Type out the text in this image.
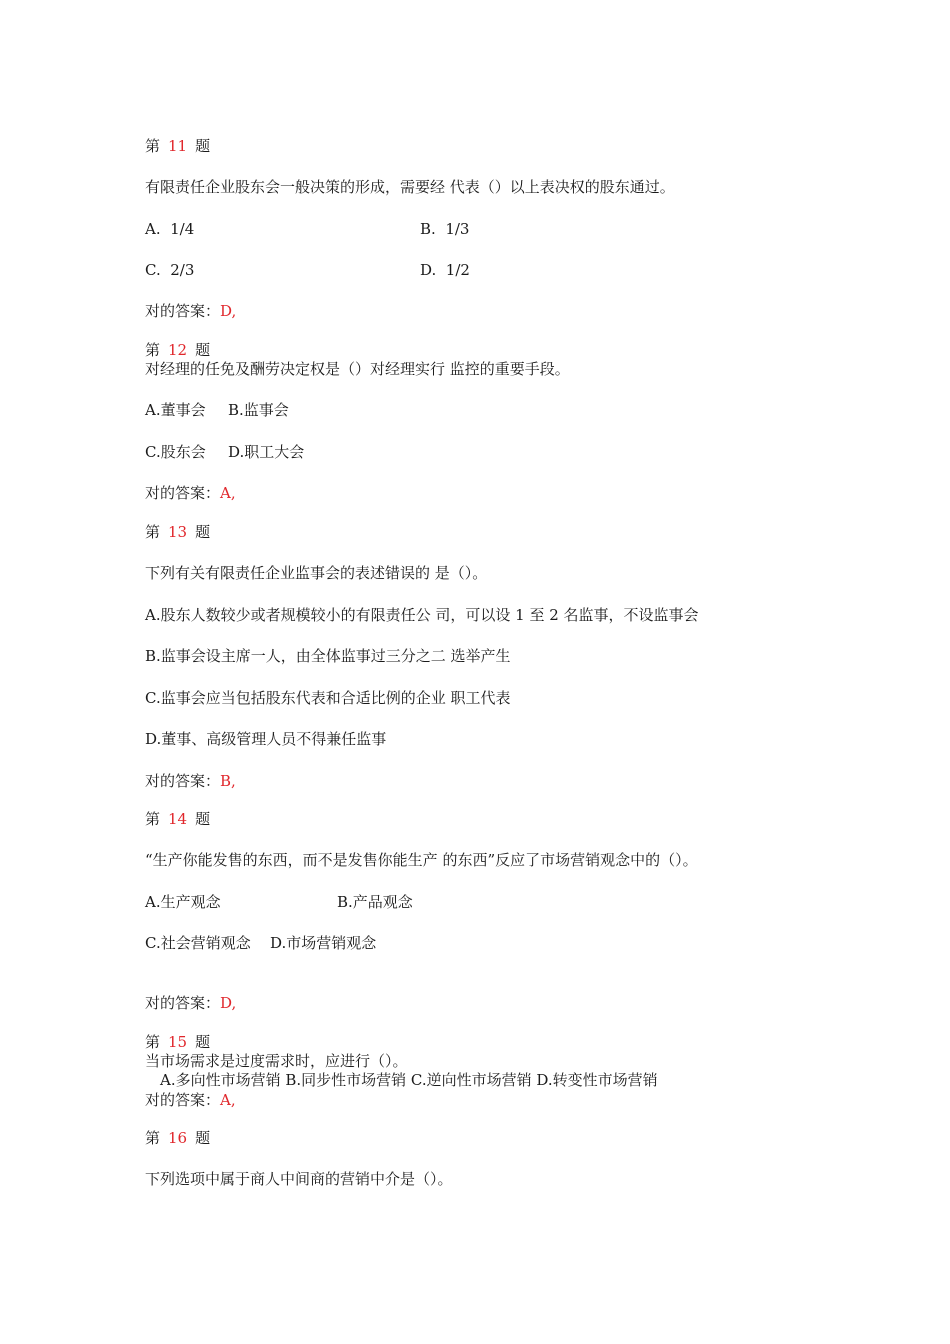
第 11 题
有限责任企业股东会一般决策的形成，需要经 代表（）以上表决权的股东通过。
A.  1/4	B.  1/3
C.  2/3	D.  1/2
对的答案：D,
第 12 题
对经理的任免及酬劳决定权是（）对经理实行 监控的重要手段。
A.董事会 B.监事会
C.股东会 D.职工大会
对的答案：A,
第 13 题
下列有关有限责任企业监事会的表述错误的 是（）。
A.股东人数较少或者规模较小的有限责任公 司，可以设 1 至 2 名监事，不设监事会
B.监事会设主席一人，由全体监事过三分之二 选举产生
C.监事会应当包括股东代表和合适比例的企业 职工代表
D.董事、高级管理人员不得兼任监事
对的答案：B,
第 14 题
“生产你能发售的东西，而不是发售你能生产 的东西”反应了市场营销观念中的（）。
A.生产观念	B.产品观念
C.社会营销观念 D.市场营销观念
对的答案：D,
第 15 题
当市场需求是过度需求时，应进行（）。
A.多向性市场营销 B.同步性市场营销 C.逆向性市场营销 D.转变性市场营销
对的答案：A,
第 16 题
下列选项中属于商人中间商的营销中介是（）。
